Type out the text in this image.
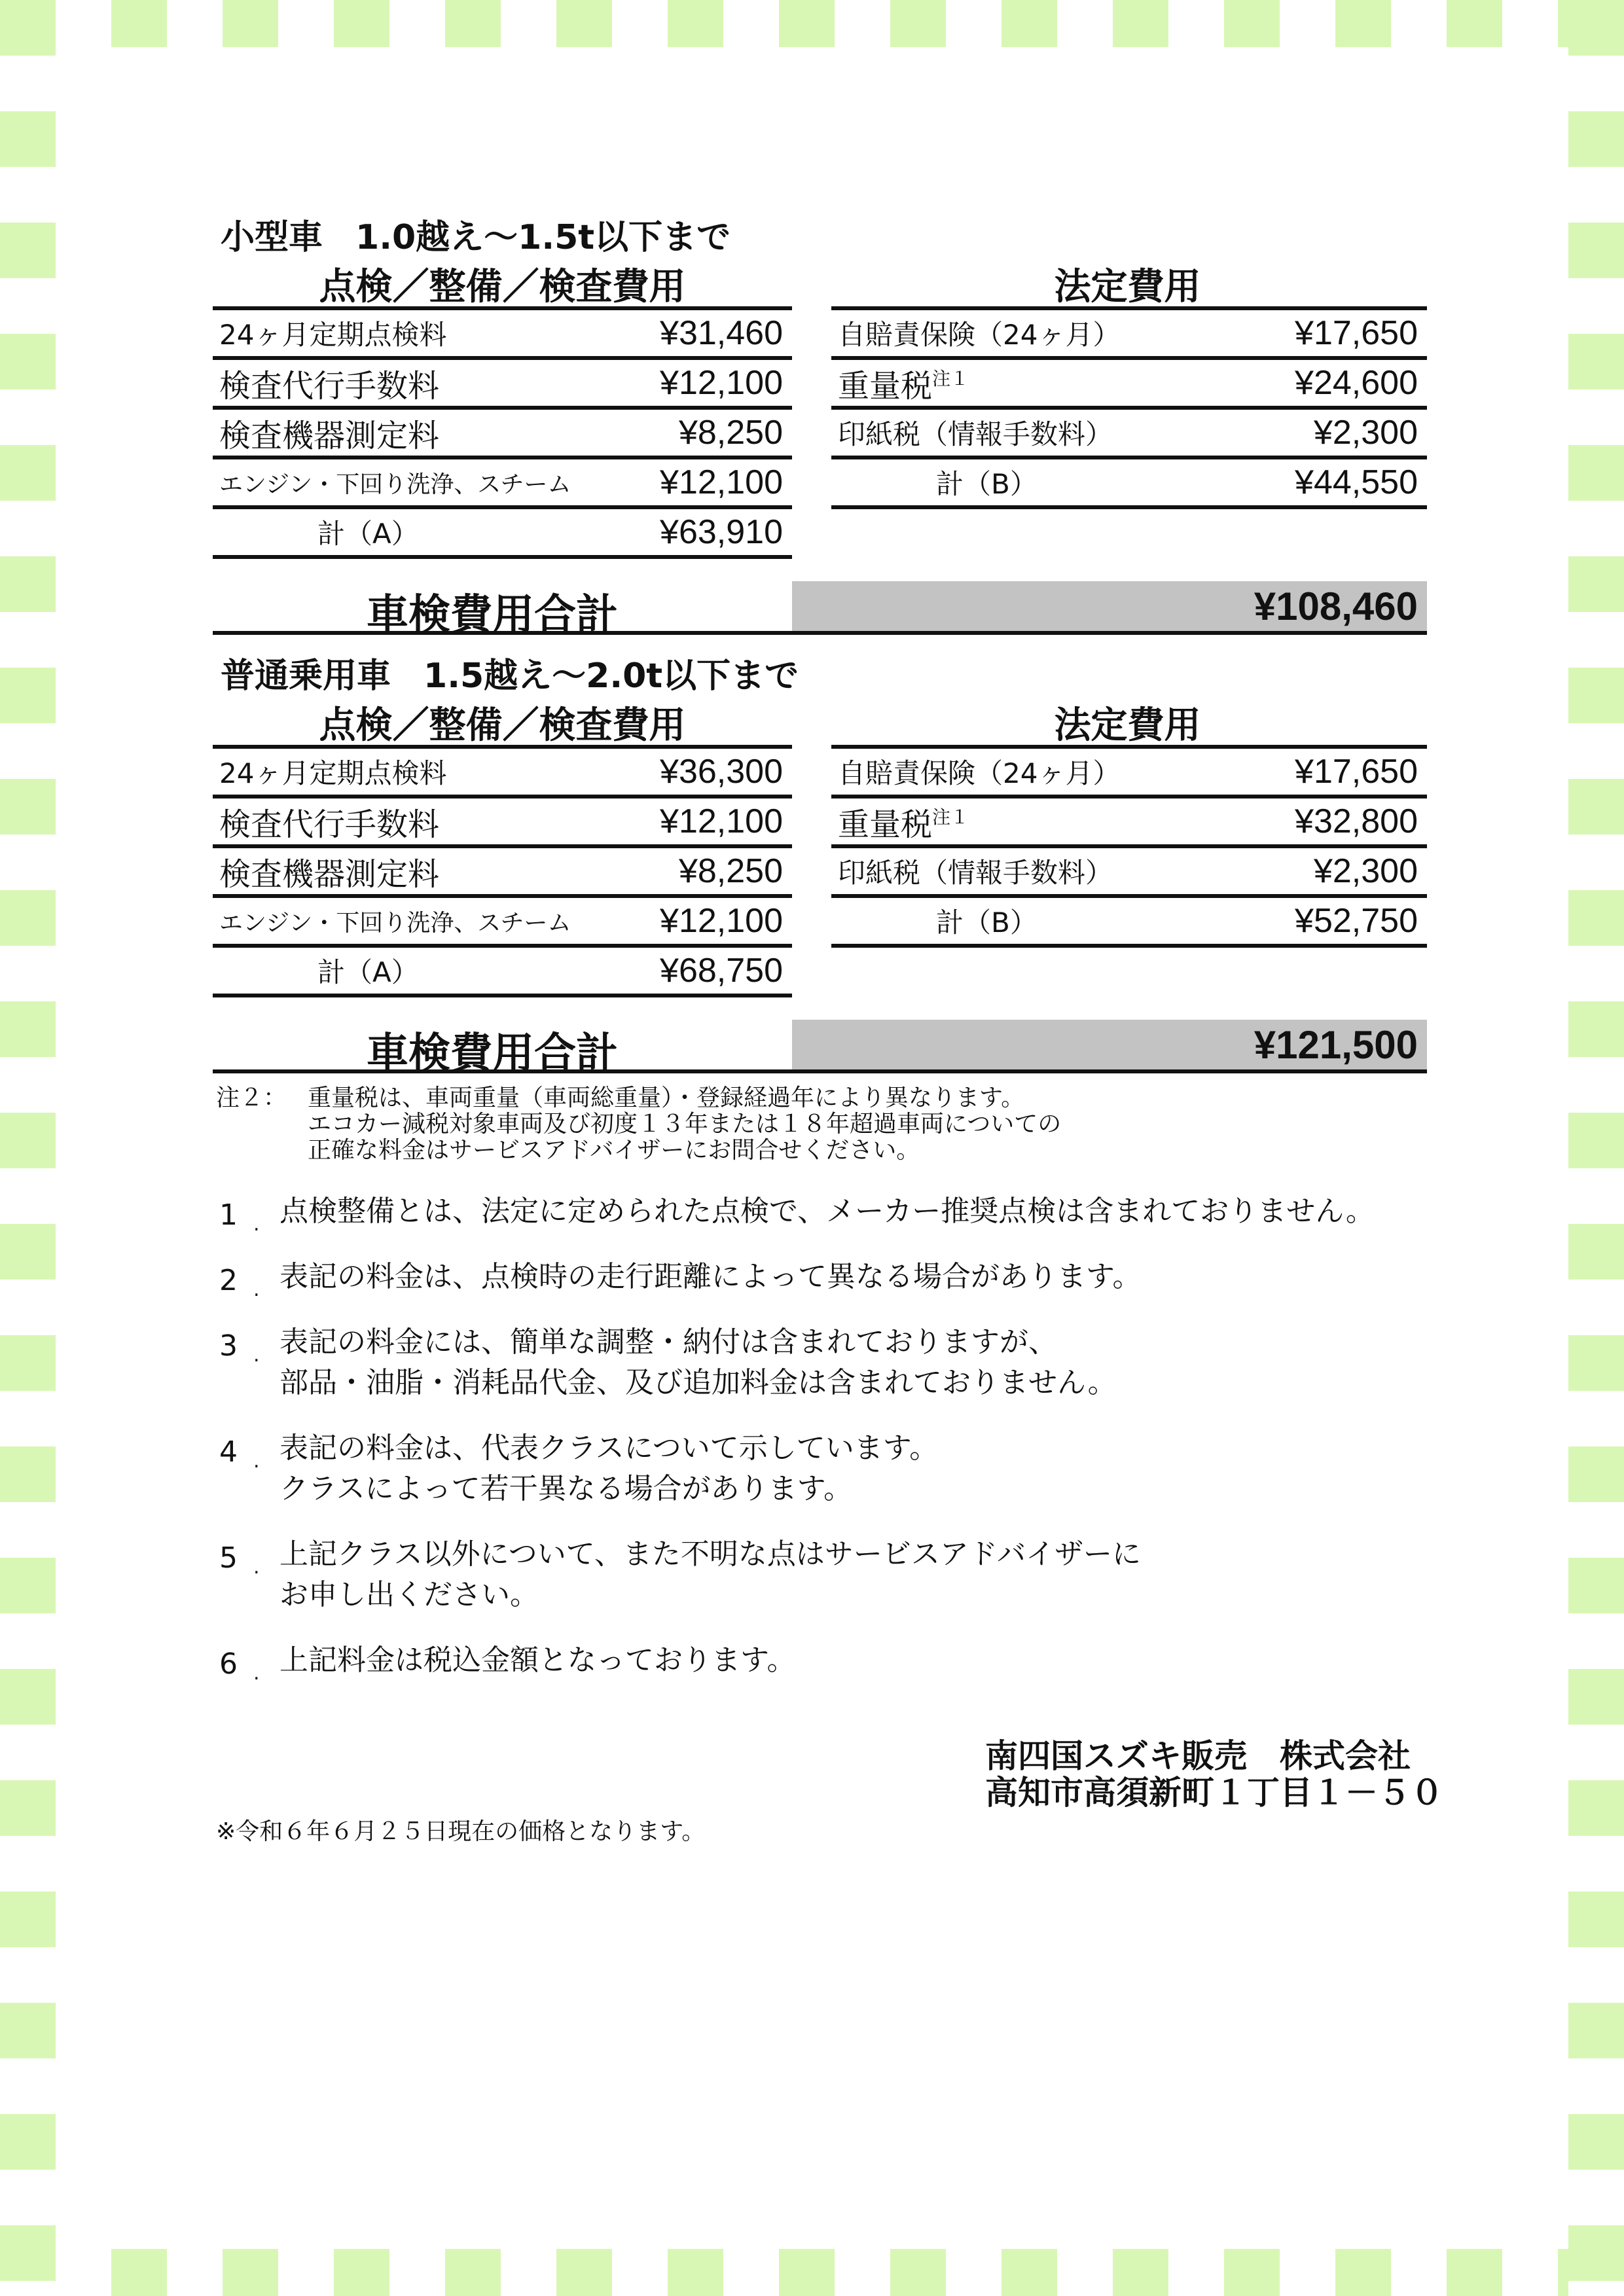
小型車 1.0越え～1.5t以下まで
点検／整備／検査費用	法定費用
24ヶ月定期点検料	¥31,460
検査代行手数料	¥12,100
検査機器測定料	¥8,250
エンジン・下回り洗浄、スチーム	¥12,100
計（A）	¥63,910
自賠責保険（24ヶ月）	¥17,650
重量税$^{注1}$	¥24,600
印紙税（情報手数料）	¥2,300
計（B）	¥44,550
車検費用合計	¥108,460
普通乗用車 1.5越え～2.0t以下まで
点検／整備／検査費用	法定費用
24ヶ月定期点検料	¥36,300
検査代行手数料	¥12,100
検査機器測定料	¥8,250
エンジン・下回り洗浄、スチーム	¥12,100
計（A）	¥68,750
自賠責保険（24ヶ月）	¥17,650
重量税$^{注1}$	¥32,800
印紙税（情報手数料）	¥2,300
計（B）	¥52,750
車検費用合計	¥121,500
注２： 重量税は、車両重量（車両総重量）・登録経過年により異なります。
エコカー減税対象車両及び初度１３年または１８年超過車両についての
正確な料金はサービスアドバイザーにお問合せください。
1 . 点検整備とは、法定に定められた点検で、メーカー推奨点検は含まれておりません。
2 . 表記の料金は、点検時の走行距離によって異なる場合があります。
3 . 表記の料金には、簡単な調整・納付は含まれておりますが、
部品・油脂・消耗品代金、及び追加料金は含まれておりません。
4 . 表記の料金は、代表クラスについて示しています。
クラスによって若干異なる場合があります。
5 . 上記クラス以外について、また不明な点はサービスアドバイザーに
お申し出ください。
6 . 上記料金は税込金額となっております。
南四国スズキ販売　株式会社
高知市高須新町１丁目１－５０
※令和６年６月２５日現在の価格となります。
